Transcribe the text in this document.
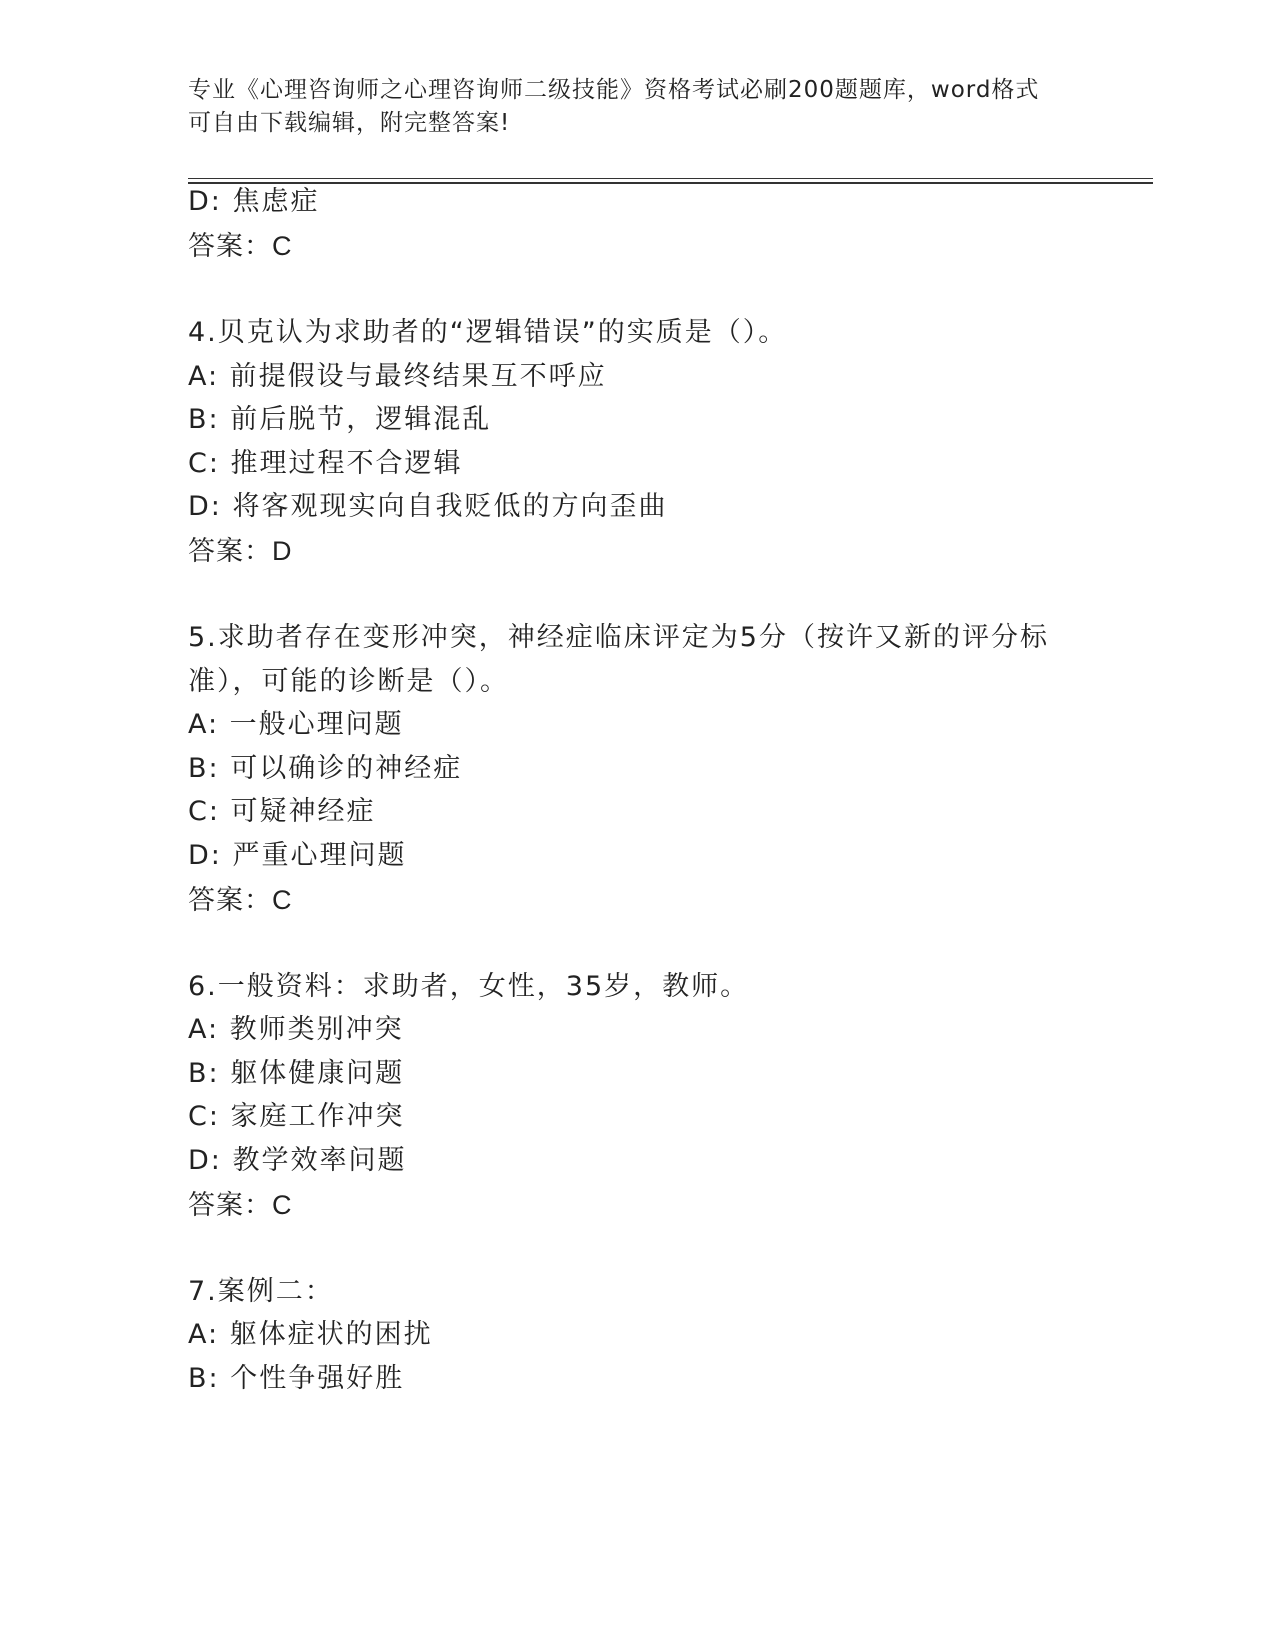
专业《心理咨询师之心理咨询师二级技能》资格考试必刷200题题库，word格式
可自由下载编辑，附完整答案!
D: 焦虑症
答案：C
4.贝克认为求助者的“逻辑错误”的实质是（）。
A: 前提假设与最终结果互不呼应
B: 前后脱节，逻辑混乱
C: 推理过程不合逻辑
D: 将客观现实向自我贬低的方向歪曲
答案：D
5.求助者存在变形冲突，神经症临床评定为5分（按许又新的评分标
准），可能的诊断是（）。
A: 一般心理问题
B: 可以确诊的神经症
C: 可疑神经症
D: 严重心理问题
答案：C
6.一般资料：求助者，女性，35岁，教师。
A: 教师类别冲突
B: 躯体健康问题
C: 家庭工作冲突
D: 教学效率问题
答案：C
7.案例二：
A: 躯体症状的困扰
B: 个性争强好胜
